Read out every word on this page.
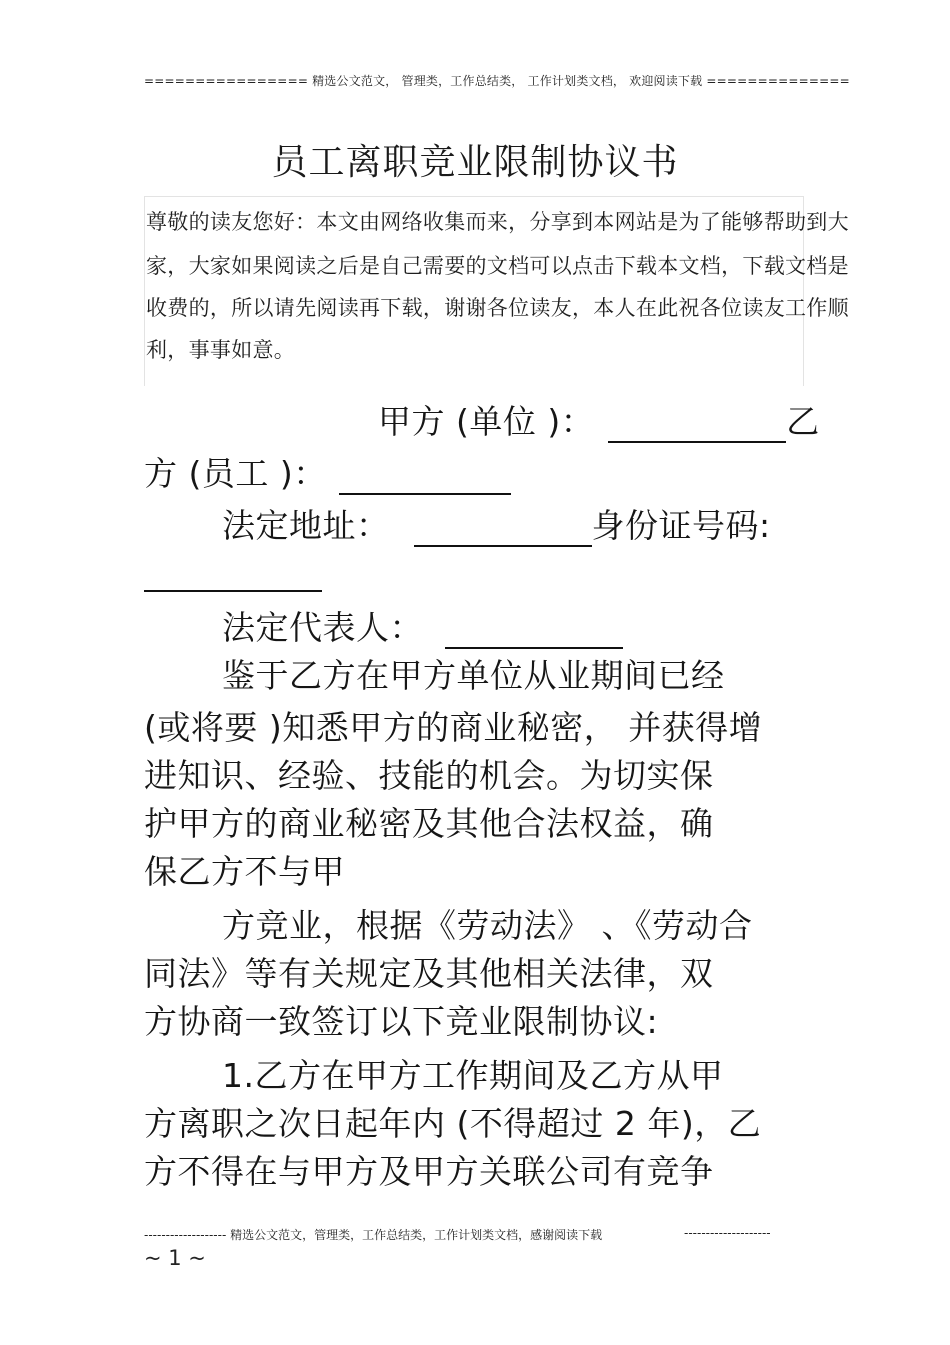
================ 精选公文范文， 管理类，工作总结类， 工作计划类文档， 欢迎阅读下载 ==============
员工离职竞业限制协议书
尊敬的读友您好：本文由网络收集而来，分享到本网站是为了能够帮助到大
家，大家如果阅读之后是自己需要的文档可以点击下载本文档，下载文档是
收费的，所以请先阅读再下载，谢谢各位读友，本人在此祝各位读友工作顺
利，事事如意。
甲方 (单位 )：	乙
方 (员工 )：
法定地址：	身份证号码:
法定代表人：
鉴于乙方在甲方单位从业期间已经
(或将要 )知悉甲方的商业秘密， 并获得增
进知识、经验、技能的机会。为切实保
护甲方的商业秘密及其他合法权益，确
保乙方不与甲
方竞业，根据《劳动法》 、《劳动合
同法》等有关规定及其他相关法律，双
方协商一致签订以下竞业限制协议:
1.乙方在甲方工作期间及乙方从甲
方离职之次日起年内 (不得超过 2 年)，乙
方不得在与甲方及甲方关联公司有竞争
------------------- 精选公文范文，管理类，工作总结类，工作计划类文档，感谢阅读下载	--------------------
~ 1 ~
